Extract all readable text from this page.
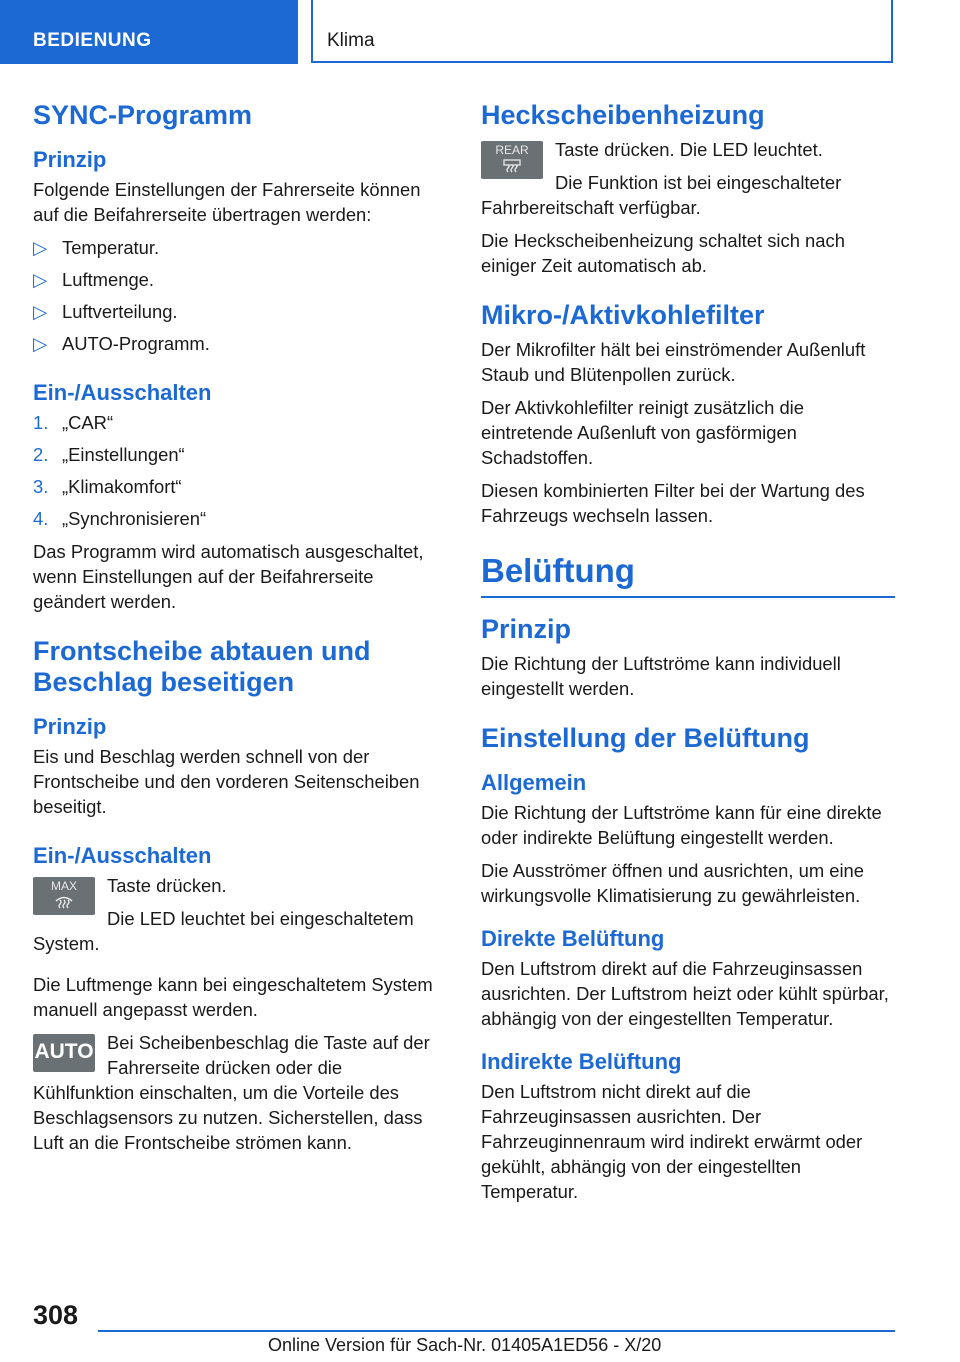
BEDIENUNG	Klima
SYNC-Programm
Prinzip

Folgende Einstellungen der Fahrerseite können auf die Beifahrerseite übertragen werden:

▷ Temperatur.
▷ Luftmenge.
▷ Luftverteilung.
▷ AUTO-Programm.
Ein-/Ausschalten
1. „CAR“
2. „Einstellungen“
3. „Klimakomfort“
4. „Synchronisieren“

Das Programm wird automatisch ausgeschaltet, wenn Einstellungen auf der Beifahrerseite geändert werden.

Frontscheibe abtauen und Beschlag beseitigen
Prinzip

Eis und Beschlag werden schnell von der Frontscheibe und den vorderen Seitenscheiben beseitigt.

Ein-/Ausschalten
MAX	Taste drücken.

Die LED leuchtet bei eingeschaltetem System.

Die Luftmenge kann bei eingeschaltetem System manuell angepasst werden.

AUTO Bei Scheibenbeschlag die Taste auf der Fahrerseite drücken oder die Kühlfunktion einschalten, um die Vorteile des Beschlagsensors zu nutzen. Sicherstellen, dass Luft an die Frontscheibe strömen kann.

Heckscheibenheizung
REAR	Taste drücken. Die LED leuchtet.

Die Funktion ist bei eingeschalteter Fahrbereitschaft verfügbar.

Die Heckscheibenheizung schaltet sich nach einiger Zeit automatisch ab.

Mikro-/Aktivkohlefilter

Der Mikrofilter hält bei einströmender Außenluft Staub und Blütenpollen zurück.

Der Aktivkohlefilter reinigt zusätzlich die eintretende Außenluft von gasförmigen Schadstoffen.

Diesen kombinierten Filter bei der Wartung des Fahrzeugs wechseln lassen.

Belüftung
Prinzip

Die Richtung der Luftströme kann individuell eingestellt werden.

Einstellung der Belüftung
Allgemein

Die Richtung der Luftströme kann für eine direkte oder indirekte Belüftung eingestellt werden.

Die Ausströmer öffnen und ausrichten, um eine wirkungsvolle Klimatisierung zu gewährleisten.

Direkte Belüftung

Den Luftstrom direkt auf die Fahrzeuginsassen ausrichten. Der Luftstrom heizt oder kühlt spürbar, abhängig von der eingestellten Temperatur.

Indirekte Belüftung

Den Luftstrom nicht direkt auf die Fahrzeuginsassen ausrichten. Der Fahrzeuginnenraum wird indirekt erwärmt oder gekühlt, abhängig von der eingestellten Temperatur.

308
Online Version für Sach-Nr. 01405A1ED56 - X/20
